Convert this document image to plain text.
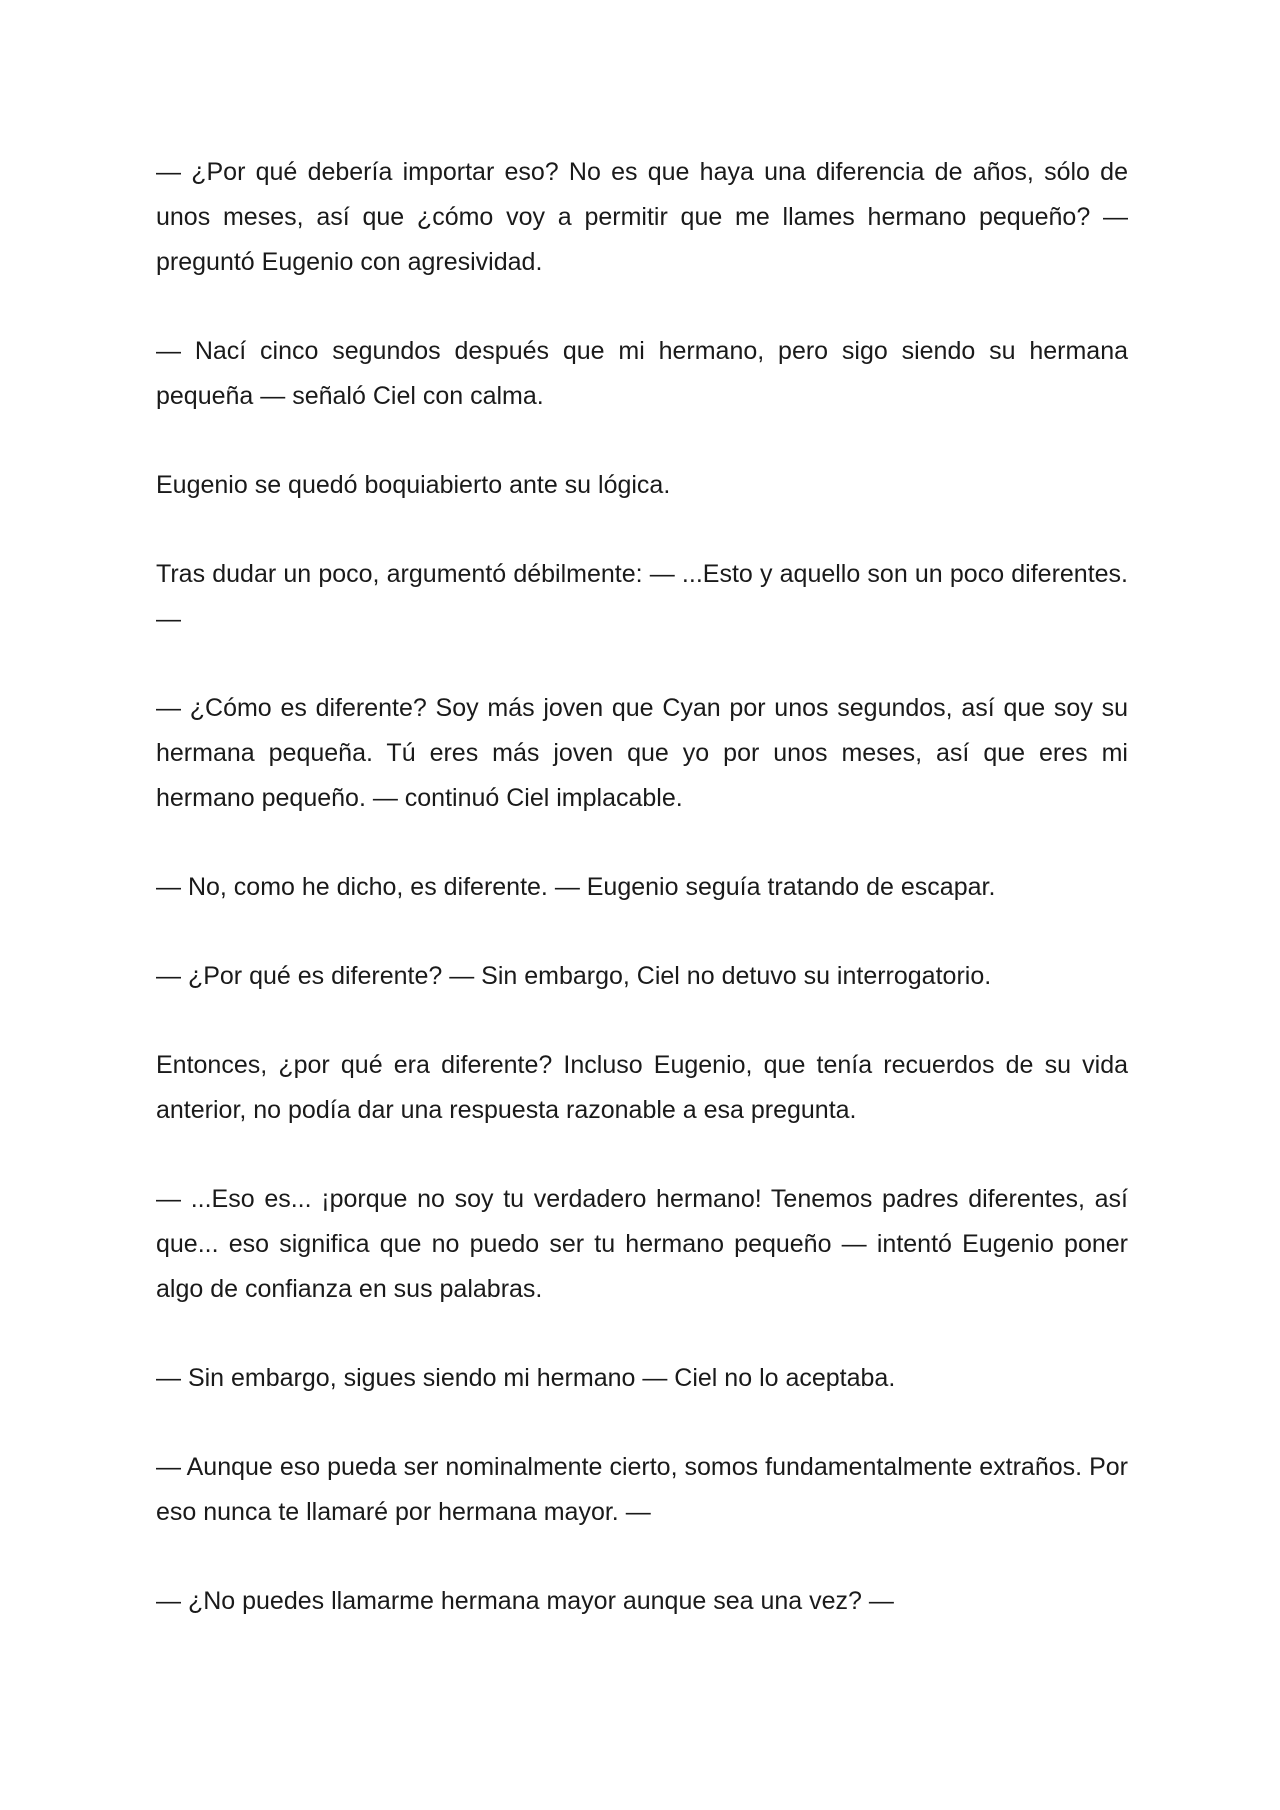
— ¿Por qué debería importar eso? No es que haya una diferencia de años, sólo de unos meses, así que ¿cómo voy a permitir que me llames hermano pequeño? — preguntó Eugenio con agresividad.

— Nací cinco segundos después que mi hermano, pero sigo siendo su hermana pequeña — señaló Ciel con calma.

Eugenio se quedó boquiabierto ante su lógica.

Tras dudar un poco, argumentó débilmente: — ...Esto y aquello son un poco diferentes. —

— ¿Cómo es diferente? Soy más joven que Cyan por unos segundos, así que soy su hermana pequeña. Tú eres más joven que yo por unos meses, así que eres mi hermano pequeño. — continuó Ciel implacable.

— No, como he dicho, es diferente. — Eugenio seguía tratando de escapar.

— ¿Por qué es diferente? — Sin embargo, Ciel no detuvo su interrogatorio.

Entonces, ¿por qué era diferente? Incluso Eugenio, que tenía recuerdos de su vida anterior, no podía dar una respuesta razonable a esa pregunta.

— ...Eso es... ¡porque no soy tu verdadero hermano! Tenemos padres diferentes, así que... eso significa que no puedo ser tu hermano pequeño — intentó Eugenio poner algo de confianza en sus palabras.

— Sin embargo, sigues siendo mi hermano — Ciel no lo aceptaba.

— Aunque eso pueda ser nominalmente cierto, somos fundamentalmente extraños. Por eso nunca te llamaré por hermana mayor. —

— ¿No puedes llamarme hermana mayor aunque sea una vez? —
